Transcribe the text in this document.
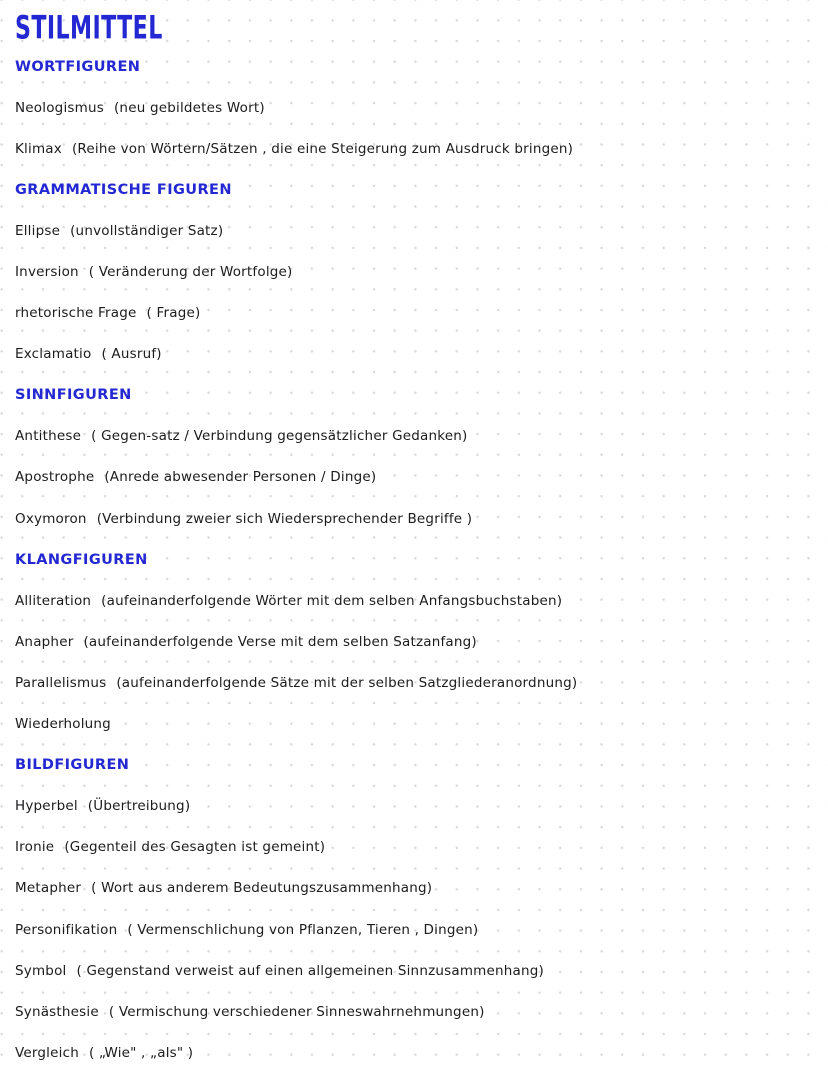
STILMITTEL
WORTFIGUREN
Neologismus (neu gebildetes Wort)
Klimax (Reihe von Wörtern/Sätzen , die eine Steigerung zum Ausdruck bringen)
GRAMMATISCHE FIGUREN
Ellipse (unvollständiger Satz)
Inversion ( Veränderung der Wortfolge)
rhetorische Frage ( Frage)
Exclamatio ( Ausruf)
SINNFIGUREN
Antithese ( Gegen-satz / Verbindung gegensätzlicher Gedanken)
Apostrophe (Anrede abwesender Personen / Dinge)
Oxymoron (Verbindung zweier sich Wiedersprechender Begriffe )
KLANGFIGUREN
Alliteration (aufeinanderfolgende Wörter mit dem selben Anfangsbuchstaben)
Anapher (aufeinanderfolgende Verse mit dem selben Satzanfang)
Parallelismus (aufeinanderfolgende Sätze mit der selben Satzgliederanordnung)
Wiederholung
BILDFIGUREN
Hyperbel (Übertreibung)
Ironie (Gegenteil des Gesagten ist gemeint)
Metapher ( Wort aus anderem Bedeutungszusammenhang)
Personifikation ( Vermenschlichung von Pflanzen, Tieren , Dingen)
Symbol ( Gegenstand verweist auf einen allgemeinen Sinnzusammenhang)
Synästhesie ( Vermischung verschiedener Sinneswahrnehmungen)
Vergleich ( „Wie" , „als" )
